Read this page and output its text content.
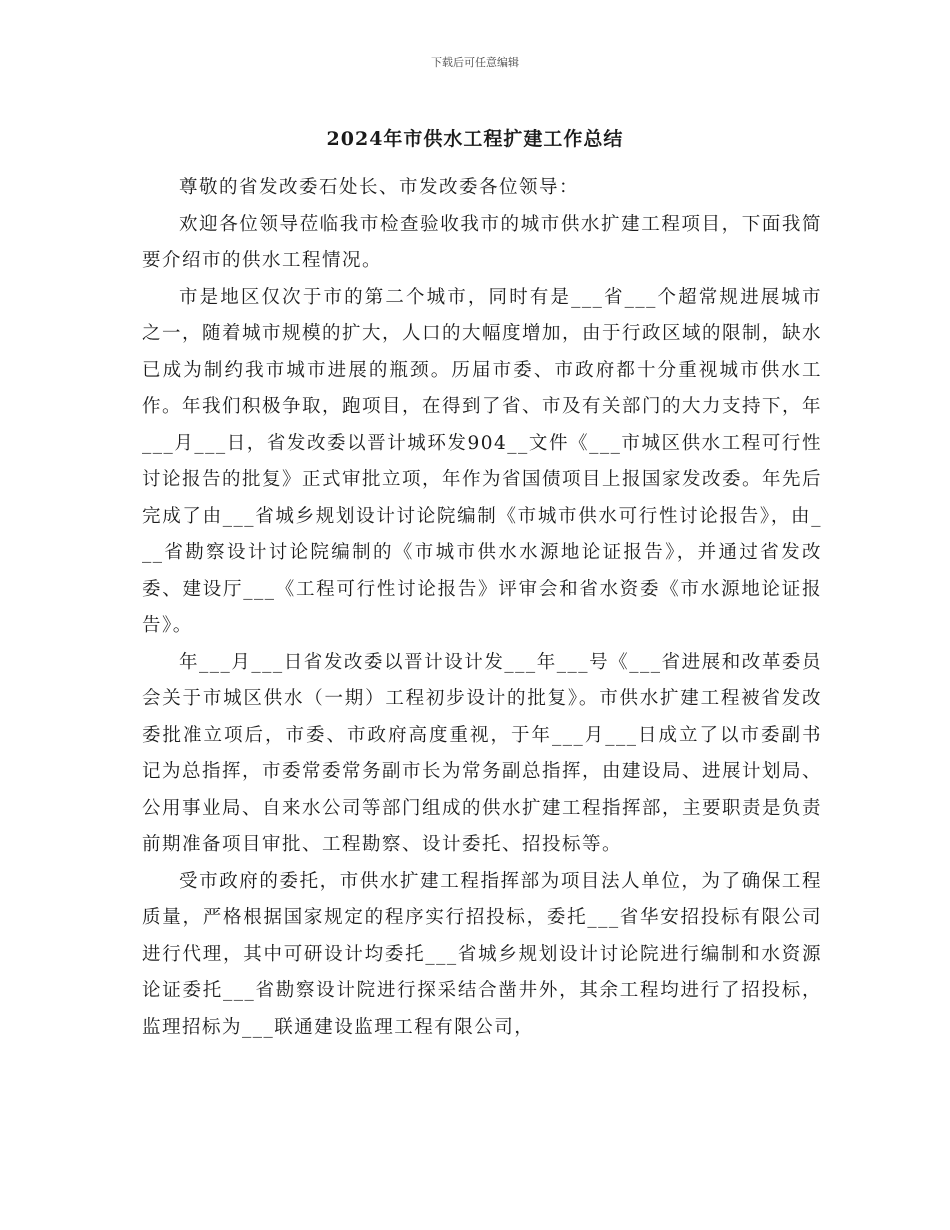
下载后可任意编辑
2024年市供水工程扩建工作总结

尊敬的省发改委石处长、市发改委各位领导：

欢迎各位领导莅临我市检查验收我市的城市供水扩建工程项目，下面我简要介绍市的供水工程情况。

市是地区仅次于市的第二个城市，同时有是___省___个超常规进展城市之一，随着城市规模的扩大，人口的大幅度增加，由于行政区域的限制，缺水已成为制约我市城市进展的瓶颈。历届市委、市政府都十分重视城市供水工作。年我们积极争取，跑项目，在得到了省、市及有关部门的大力支持下，年___月___日，省发改委以晋计城环发904__文件《___市城区供水工程可行性讨论报告的批复》正式审批立项，年作为省国债项目上报国家发改委。年先后完成了由___省城乡规划设计讨论院编制《市城市供水可行性讨论报告》，由___省勘察设计讨论院编制的《市城市供水水源地论证报告》，并通过省发改委、建设厅___《工程可行性讨论报告》评审会和省水资委《市水源地论证报告》。

年___月___日省发改委以晋计设计发___年___号《___省进展和改革委员会关于市城区供水（一期）工程初步设计的批复》。市供水扩建工程被省发改委批准立项后，市委、市政府高度重视，于年___月___日成立了以市委副书记为总指挥，市委常委常务副市长为常务副总指挥，由建设局、进展计划局、公用事业局、自来水公司等部门组成的供水扩建工程指挥部，主要职责是负责前期准备项目审批、工程勘察、设计委托、招投标等。

受市政府的委托，市供水扩建工程指挥部为项目法人单位，为了确保工程质量，严格根据国家规定的程序实行招投标，委托___省华安招投标有限公司进行代理，其中可研设计均委托___省城乡规划设计讨论院进行编制和水资源论证委托___省勘察设计院进行探采结合凿井外，其余工程均进行了招投标，监理招标为___联通建设监理工程有限公司，
